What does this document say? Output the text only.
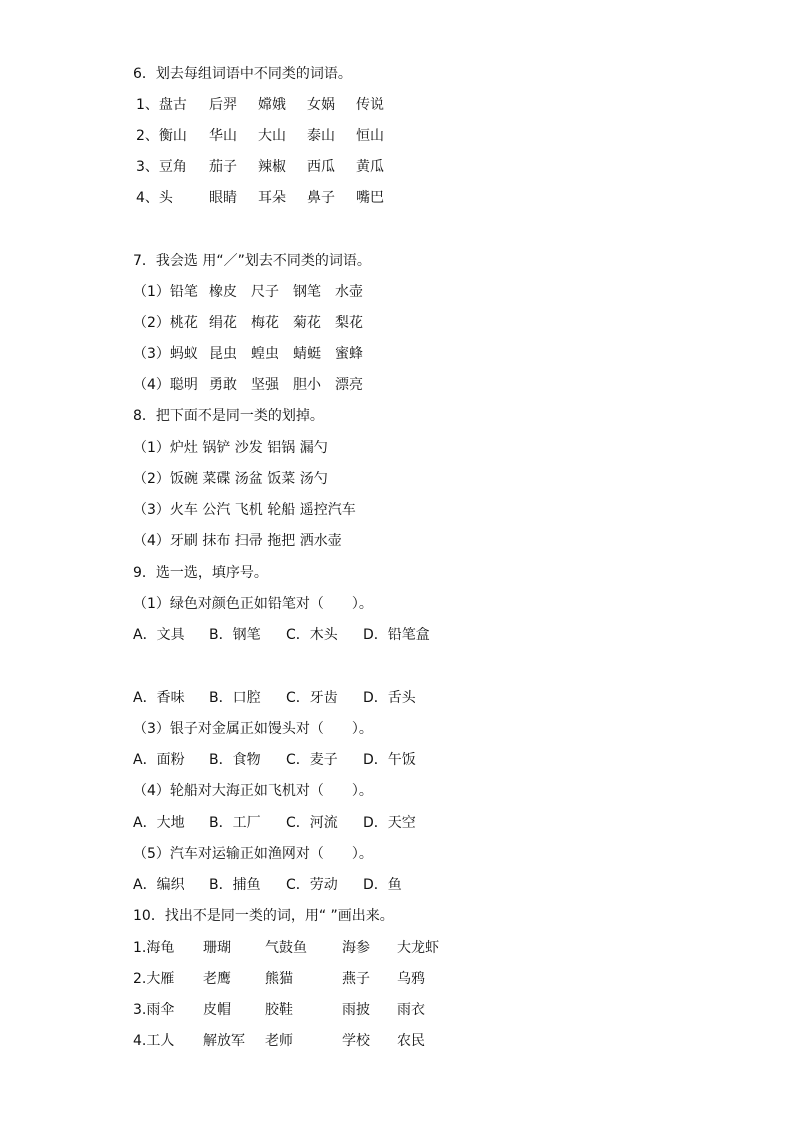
6．划去每组词语中不同类的词语。
1、盘古 后羿 嫦娥 女娲 传说
2、衡山 华山 大山 泰山 恒山
3、豆角 茄子 辣椒 西瓜 黄瓜
4、头	眼睛 耳朵 鼻子 嘴巴
7．我会选 用“／”划去不同类的词语。
（1）铅笔 橡皮 尺子 钢笔 水壶
（2）桃花 绢花 梅花 菊花 梨花
（3）蚂蚁 昆虫 蝗虫 蜻蜓 蜜蜂
（4）聪明 勇敢 坚强 胆小 漂亮
8．把下面不是同一类的划掉。
（1）炉灶 锅铲 沙发 铝锅 漏勺
（2）饭碗 菜碟 汤盆 饭菜 汤勺
（3）火车 公汽 飞机 轮船 遥控汽车
（4）牙刷 抹布 扫帚 拖把 洒水壶
9．选一选，填序号。
（1）绿色对颜色正如铅笔对（　　）。
A．文具 B．钢笔 C．木头 D．铅笔盒
A．香味 B．口腔 C．牙齿 D．舌头
（3）银子对金属正如馒头对（　　）。
A．面粉 B．食物 C．麦子 D．午饭
（4）轮船对大海正如飞机对（　　）。
A．大地 B．工厂 C．河流 D．天空
（5）汽车对运输正如渔网对（　　）。
A．编织 B．捕鱼 C．劳动 D．鱼
10．找出不是同一类的词，用“ ”画出来。
1.海龟 珊瑚 气鼓鱼	海参 大龙虾
2.大雁 老鹰 熊猫	燕子 乌鸦
3.雨伞 皮帽 胶鞋	雨披 雨衣
4.工人 解放军 老师	学校 农民
